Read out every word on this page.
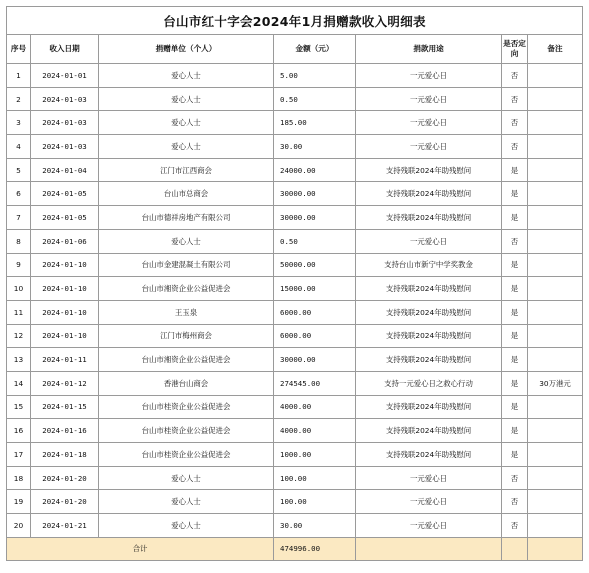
台山市红十字会2024年1月捐赠款收入明细表						
序号	收入日期	捐赠单位（个人）	金额（元）	捐款用途	是否定向	备注
1	2024-01-01	爱心人士	5.00	一元爱心日	否	
2	2024-01-03	爱心人士	0.50	一元爱心日	否	
3	2024-01-03	爱心人士	185.00	一元爱心日	否	
4	2024-01-03	爱心人士	30.00	一元爱心日	否	
5	2024-01-04	江门市江西商会	24000.00	支持残联2024年助残慰问	是	
6	2024-01-05	台山市总商会	30000.00	支持残联2024年助残慰问	是	
7	2024-01-05	台山市德祥房地产有限公司	30000.00	支持残联2024年助残慰问	是	
8	2024-01-06	爱心人士	0.50	一元爱心日	否	
9	2024-01-10	台山市金建混凝土有限公司	50000.00	支持台山市新宁中学奖教金	是	
10	2024-01-10	台山市湘资企业公益促进会	15000.00	支持残联2024年助残慰问	是	
11	2024-01-10	王玉泉	6000.00	支持残联2024年助残慰问	是	
12	2024-01-10	江门市梅州商会	6000.00	支持残联2024年助残慰问	是	
13	2024-01-11	台山市湘资企业公益促进会	30000.00	支持残联2024年助残慰问	是	
14	2024-01-12	香港台山商会	274545.00	支持一元爱心日之救心行动	是	30万港元
15	2024-01-15	台山市桂资企业公益促进会	4000.00	支持残联2024年助残慰问	是	
16	2024-01-16	台山市桂资企业公益促进会	4000.00	支持残联2024年助残慰问	是	
17	2024-01-18	台山市桂资企业公益促进会	1000.00	支持残联2024年助残慰问	是	
18	2024-01-20	爱心人士	100.00	一元爱心日	否	
19	2024-01-20	爱心人士	100.00	一元爱心日	否	
20	2024-01-21	爱心人士	30.00	一元爱心日	否	
合计			474996.00			
